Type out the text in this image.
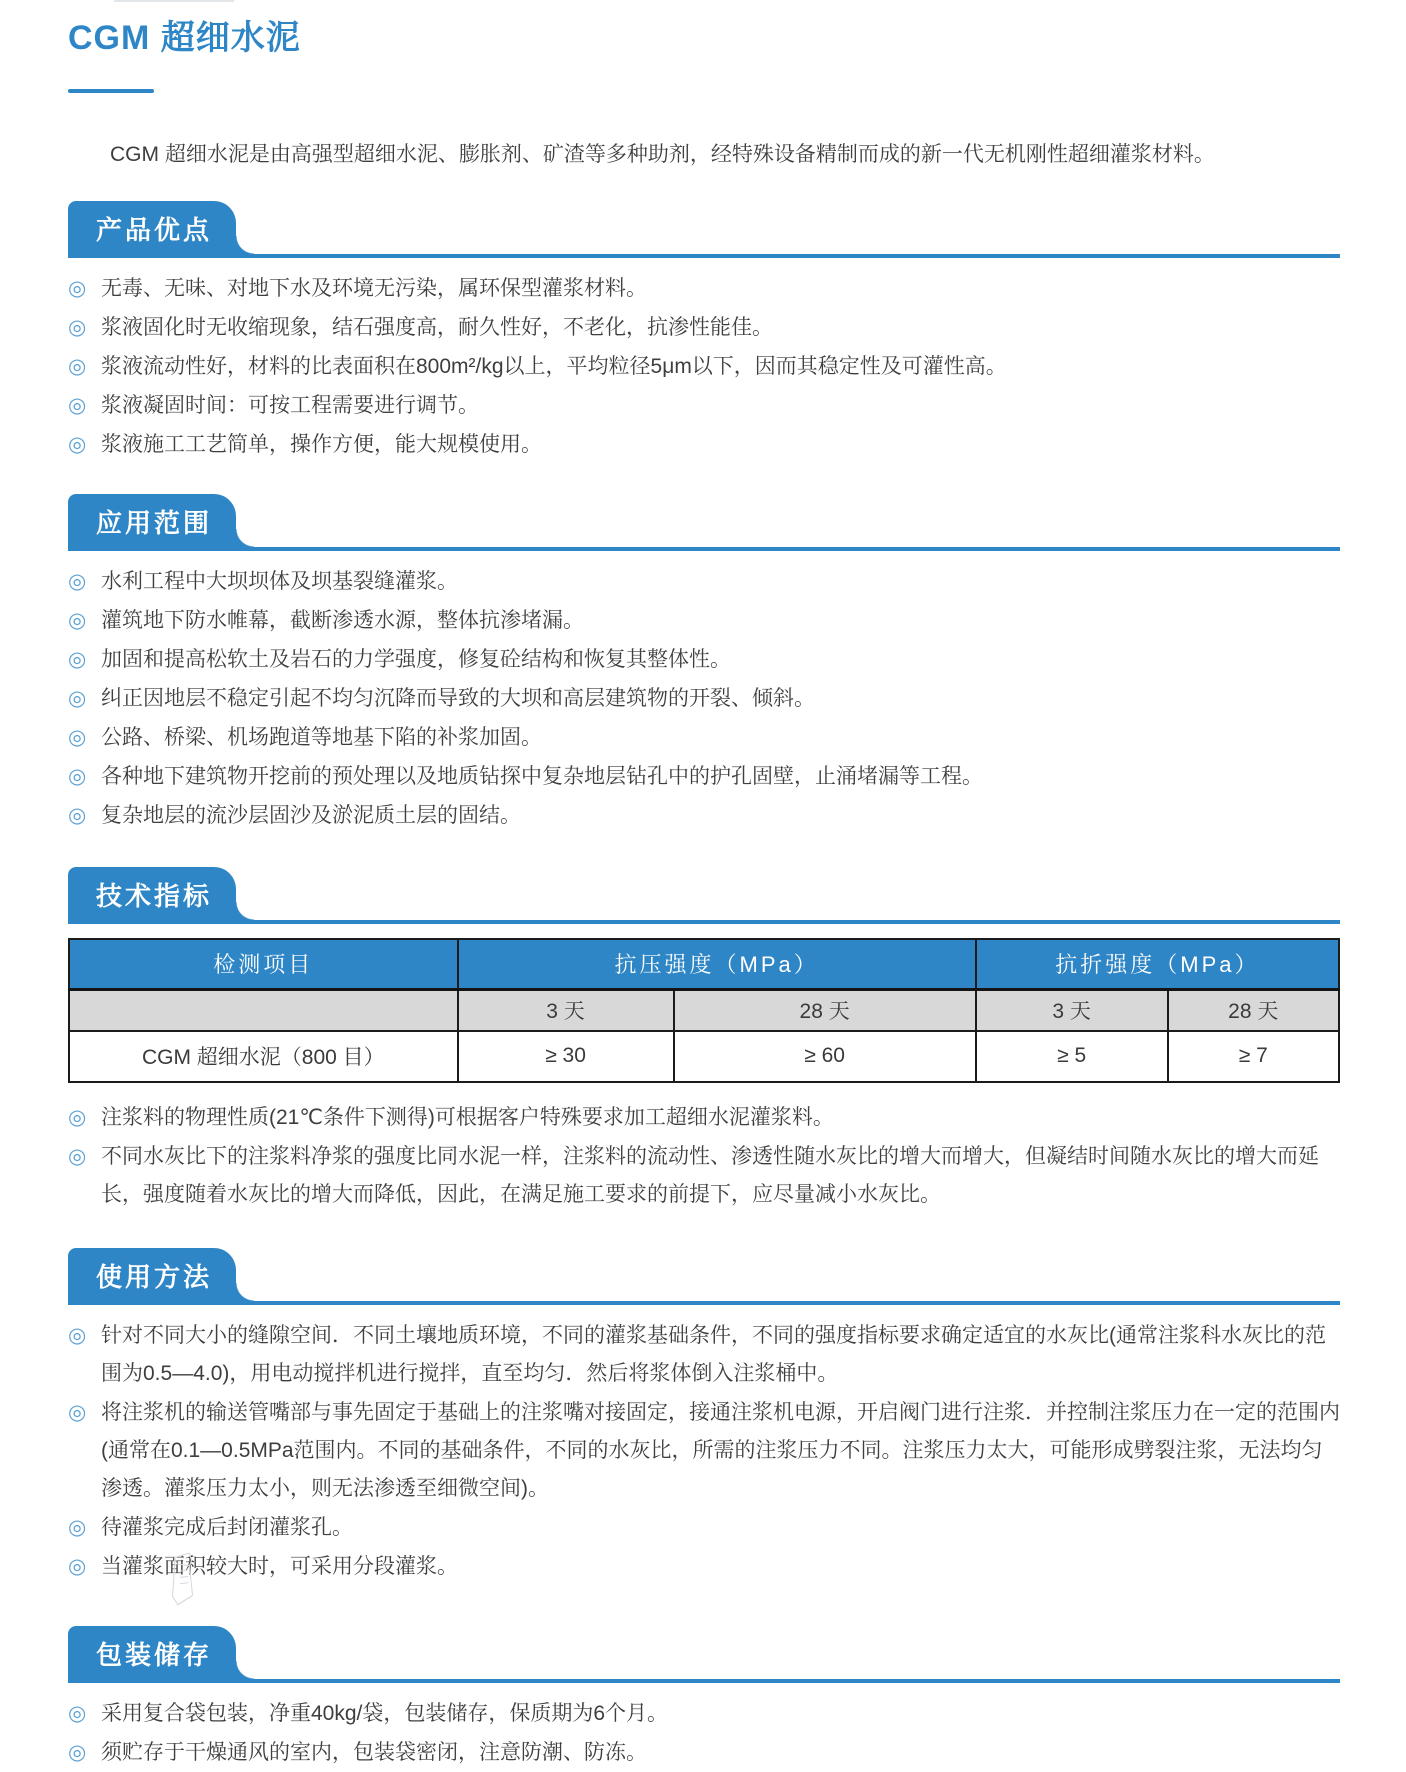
CGM 超细水泥

CGM 超细水泥是由高强型超细水泥、膨胀剂、矿渣等多种助剂，经特殊设备精制而成的新一代无机刚性超细灌浆材料。

产品优点
◎ 无毒、无味、对地下水及环境无污染，属环保型灌浆材料。
◎ 浆液固化时无收缩现象，结石强度高，耐久性好，不老化，抗渗性能佳。
◎ 浆液流动性好，材料的比表面积在800m²/kg以上，平均粒径5μm以下，因而其稳定性及可灌性高。
◎ 浆液凝固时间：可按工程需要进行调节。
◎ 浆液施工工艺简单，操作方便，能大规模使用。
应用范围
◎ 水利工程中大坝坝体及坝基裂缝灌浆。
◎ 灌筑地下防水帷幕，截断渗透水源，整体抗渗堵漏。
◎ 加固和提高松软土及岩石的力学强度，修复砼结构和恢复其整体性。
◎ 纠正因地层不稳定引起不均匀沉降而导致的大坝和高层建筑物的开裂、倾斜。
◎ 公路、桥梁、机场跑道等地基下陷的补浆加固。
◎ 各种地下建筑物开挖前的预处理以及地质钻探中复杂地层钻孔中的护孔固壁，止涌堵漏等工程。
◎ 复杂地层的流沙层固沙及淤泥质土层的固结。
技术指标
检测项目	抗压强度（MPa）		抗折强度（MPa）	
	3 天	28 天	3 天	28 天
CGM 超细水泥（800 目）	≥ 30	≥ 60	≥ 5	≥ 7
◎ 注浆料的物理性质(21℃条件下测得)可根据客户特殊要求加工超细水泥灌浆料。
◎ 不同水灰比下的注浆料净浆的强度比同水泥一样，注浆料的流动性、渗透性随水灰比的增大而增大，但凝结时间随水灰比的增大而延长，强度随着水灰比的增大而降低，因此，在满足施工要求的前提下，应尽量减小水灰比。
使用方法
◎ 针对不同大小的缝隙空间．不同土壤地质环境，不同的灌浆基础条件，不同的强度指标要求确定适宜的水灰比(通常注浆科水灰比的范围为0.5—4.0)，用电动搅拌机进行搅拌，直至均匀．然后将浆体倒入注浆桶中。
◎ 将注浆机的输送管嘴部与事先固定于基础上的注浆嘴对接固定，接通注浆机电源，开启阀门进行注浆．并控制注浆压力在一定的范围内(通常在0.1—0.5MPa范围内。不同的基础条件，不同的水灰比，所需的注浆压力不同。注浆压力太大，可能形成劈裂注浆，无法均匀渗透。灌浆压力太小，则无法渗透至细微空间)。
◎ 待灌浆完成后封闭灌浆孔。
◎ 当灌浆面积较大时，可采用分段灌浆。
包装储存
◎ 采用复合袋包装，净重40kg/袋，包装储存，保质期为6个月。
◎ 须贮存于干燥通风的室内，包装袋密闭，注意防潮、防冻。
